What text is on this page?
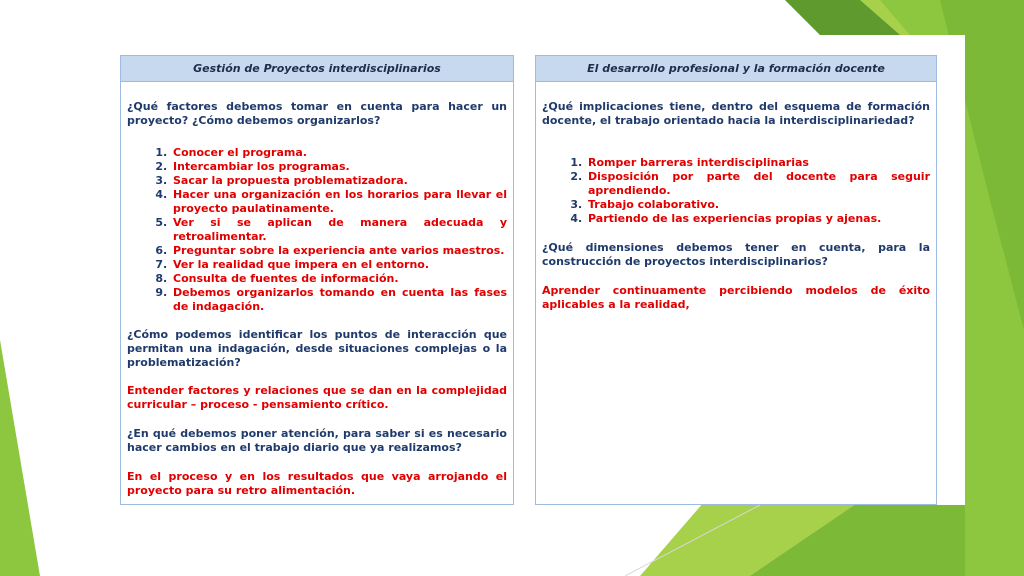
Gestión de Proyectos interdisciplinarios

¿Qué factores debemos tomar en cuenta para hacer un proyecto? ¿Cómo debemos organizarlos?

1. Conocer el programa.
2. Intercambiar los programas.
3. Sacar la propuesta problematizadora.
4. Hacer una organización en los horarios para llevar el proyecto paulatinamente.
5. Ver si se aplican de manera adecuada y retroalimentar.
6. Preguntar sobre la experiencia ante varios maestros.
7. Ver la realidad que impera en el entorno.
8. Consulta de fuentes de información.
9. Debemos organizarlos tomando en cuenta las fases de indagación.

¿Cómo podemos identificar los puntos de interacción que permitan una indagación, desde situaciones complejas o la problematización?

Entender factores y relaciones que se dan en la complejidad curricular – proceso - pensamiento crítico.

¿En qué debemos poner atención, para saber si es necesario hacer cambios en el trabajo diario que ya realizamos?

En el proceso y en los resultados que vaya arrojando el proyecto para su retro alimentación.

El desarrollo profesional y la formación docente

¿Qué implicaciones tiene, dentro del esquema de formación docente, el trabajo orientado hacia la interdisciplinariedad?

1. Romper barreras interdisciplinarias
2. Disposición por parte del docente para seguir aprendiendo.
3. Trabajo colaborativo.
4. Partiendo de las experiencias propias y ajenas.

¿Qué dimensiones debemos tener en cuenta, para la construcción de proyectos interdisciplinarios?

Aprender continuamente percibiendo modelos de éxito aplicables a la realidad,
